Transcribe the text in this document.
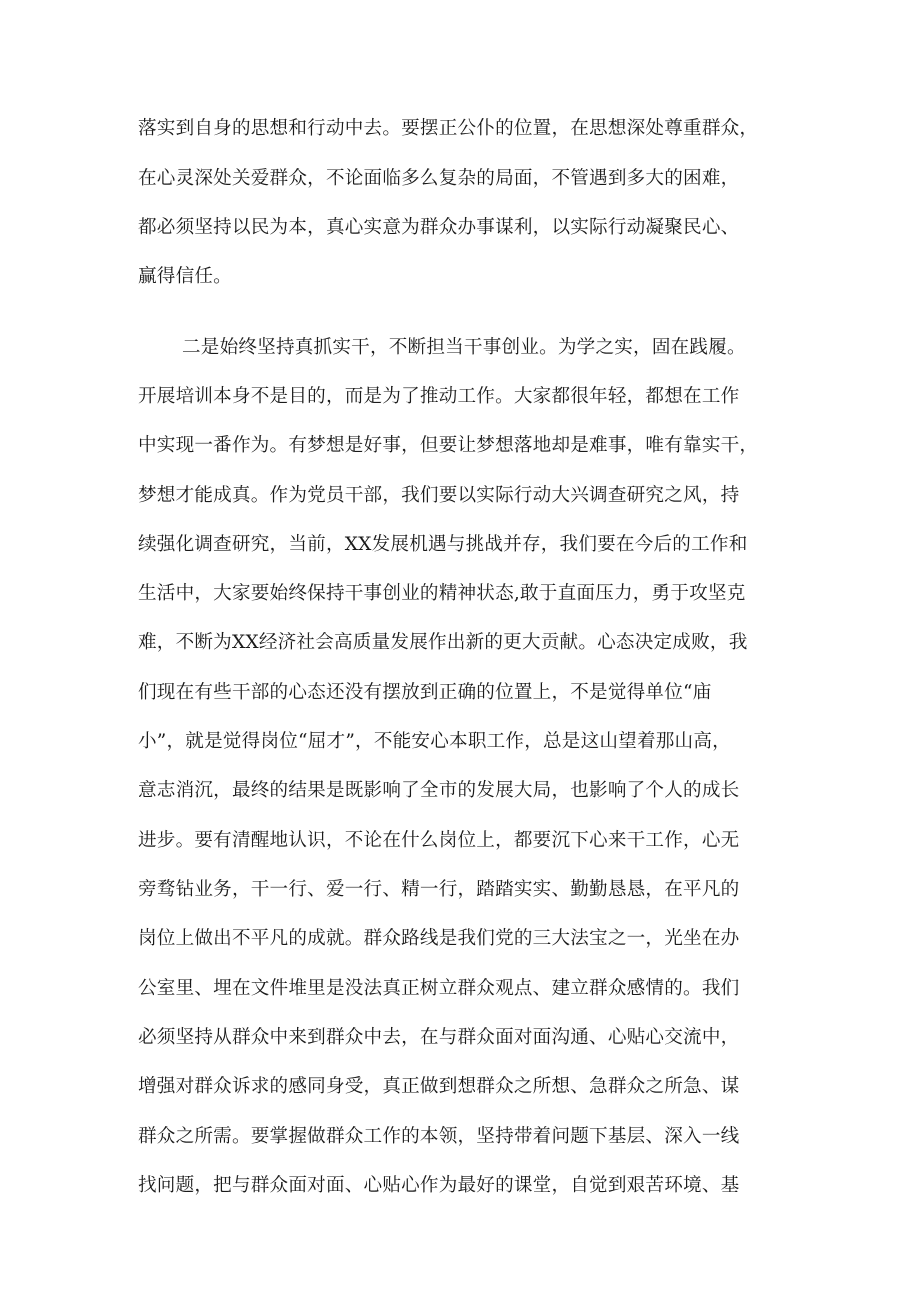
落实到自身的思想和行动中去。要摆正公仆的位置，在思想深处尊重群众，
在心灵深处关爱群众，不论面临多么复杂的局面，不管遇到多大的困难，
都必须坚持以民为本，真心实意为群众办事谋利，以实际行动凝聚民心、
赢得信任。
二是始终坚持真抓实干，不断担当干事创业。为学之实，固在践履。
开展培训本身不是目的，而是为了推动工作。大家都很年轻，都想在工作
中实现一番作为。有梦想是好事，但要让梦想落地却是难事，唯有靠实干，
梦想才能成真。作为党员干部，我们要以实际行动大兴调查研究之风，持
续强化调查研究，当前，XX发展机遇与挑战并存，我们要在今后的工作和
生活中，大家要始终保持干事创业的精神状态,敢于直面压力，勇于攻坚克
难，不断为XX经济社会高质量发展作出新的更大贡献。心态决定成败，我
们现在有些干部的心态还没有摆放到正确的位置上，不是觉得单位“庙
小”，就是觉得岗位“屈才”，不能安心本职工作，总是这山望着那山高，
意志消沉，最终的结果是既影响了全市的发展大局，也影响了个人的成长
进步。要有清醒地认识，不论在什么岗位上，都要沉下心来干工作，心无
旁骛钻业务，干一行、爱一行、精一行，踏踏实实、勤勤恳恳，在平凡的
岗位上做出不平凡的成就。群众路线是我们党的三大法宝之一，光坐在办
公室里、埋在文件堆里是没法真正树立群众观点、建立群众感情的。我们
必须坚持从群众中来到群众中去，在与群众面对面沟通、心贴心交流中，
增强对群众诉求的感同身受，真正做到想群众之所想、急群众之所急、谋
群众之所需。要掌握做群众工作的本领，坚持带着问题下基层、深入一线
找问题，把与群众面对面、心贴心作为最好的课堂，自觉到艰苦环境、基
